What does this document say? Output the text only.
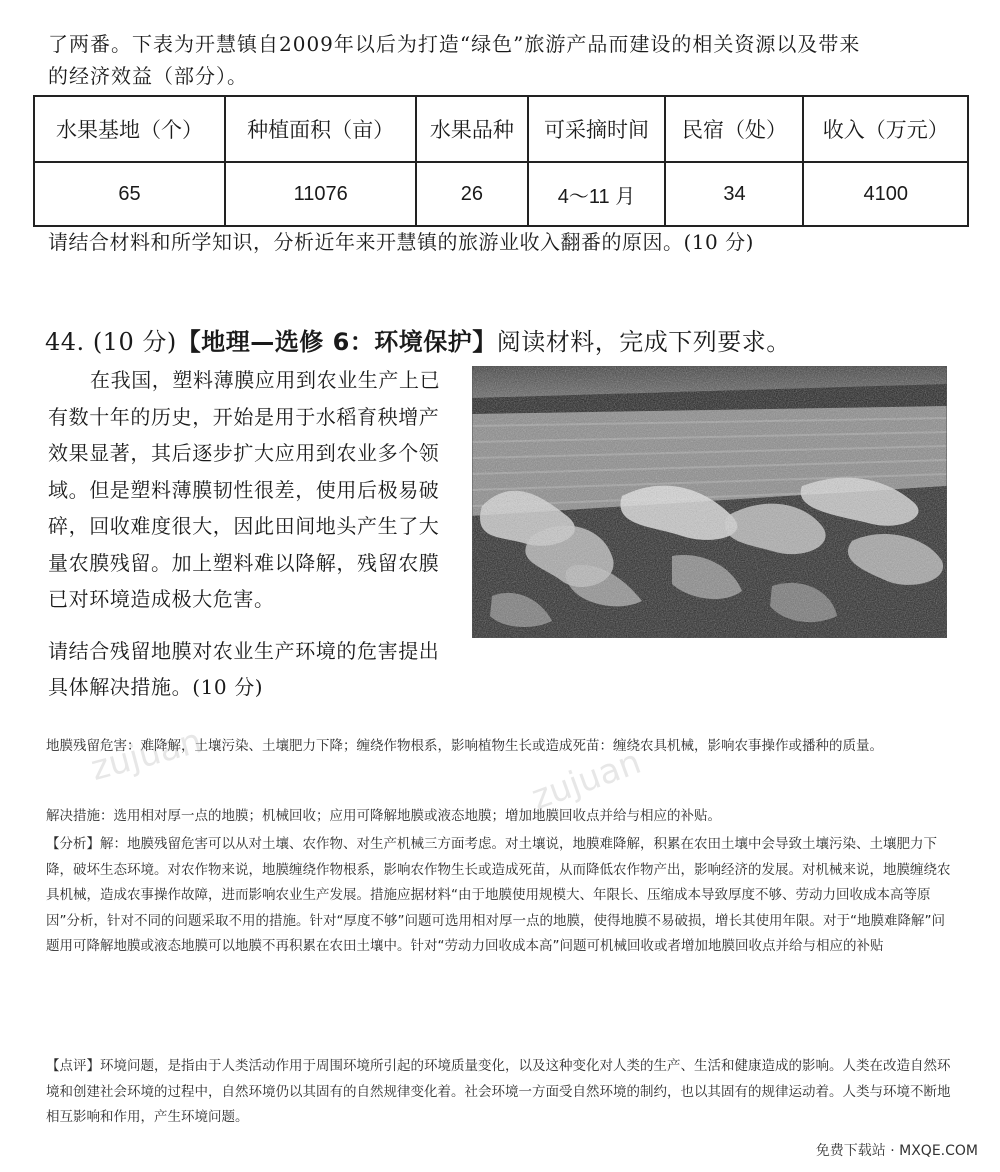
了两番。下表为开慧镇自2009年以后为打造“绿色”旅游产品而建设的相关资源以及带来
的经济效益（部分）。
水果基地（个）	种植面积（亩）	水果品种	可采摘时间	民宿（处）	收入（万元）
65	11076	26	4～11 月	34	4100
请结合材料和所学知识，分析近年来开慧镇的旅游业收入翻番的原因。(10 分)
44. (10 分)【地理—选修 6：环境保护】阅读材料，完成下列要求。
在我国，塑料薄膜应用到农业生产上已有数十年的历史，开始是用于水稻育秧增产效果显著，其后逐步扩大应用到农业多个领域。但是塑料薄膜韧性很差，使用后极易破碎，回收难度很大，因此田间地头产生了大量农膜残留。加上塑料难以降解，残留农膜已对环境造成极大危害。
请结合残留地膜对农业生产环境的危害提出具体解决措施。(10 分)
地膜残留危害：难降解，土壤污染、土壤肥力下降；缠绕作物根系，影响植物生长或造成死苗：缠绕农具机械，影响农事操作或播种的质量。
解决措施：选用相对厚一点的地膜；机械回收；应用可降解地膜或液态地膜；增加地膜回收点并给与相应的补贴。
【分析】解：地膜残留危害可以从对土壤、农作物、对生产机械三方面考虑。对土壤说，地膜难降解，积累在农田土壤中会导致土壤污染、土壤肥力下降，破坏生态环境。对农作物来说，地膜缠绕作物根系，影响农作物生长或造成死苗，从而降低农作物产出，影响经济的发展。对机械来说，地膜缠绕农具机械，造成农事操作故障，进而影响农业生产发展。措施应据材料“由于地膜使用规模大、年限长、压缩成本导致厚度不够、劳动力回收成本高等原因”分析，针对不同的问题采取不用的措施。针对“厚度不够”问题可选用相对厚一点的地膜，使得地膜不易破损，增长其使用年限。对于“地膜难降解”问题用可降解地膜或液态地膜可以地膜不再积累在农田土壤中。针对“劳动力回收成本高”问题可机械回收或者增加地膜回收点并给与相应的补贴
【点评】环境问题，是指由于人类活动作用于周围环境所引起的环境质量变化，以及这种变化对人类的生产、生活和健康造成的影响。人类在改造自然环境和创建社会环境的过程中，自然环境仍以其固有的自然规律变化着。社会环境一方面受自然环境的制约，也以其固有的规律运动着。人类与环境不断地相互影响和作用，产生环境问题。
zujuan
zujuan
免费下载站 · MXQE.COM
